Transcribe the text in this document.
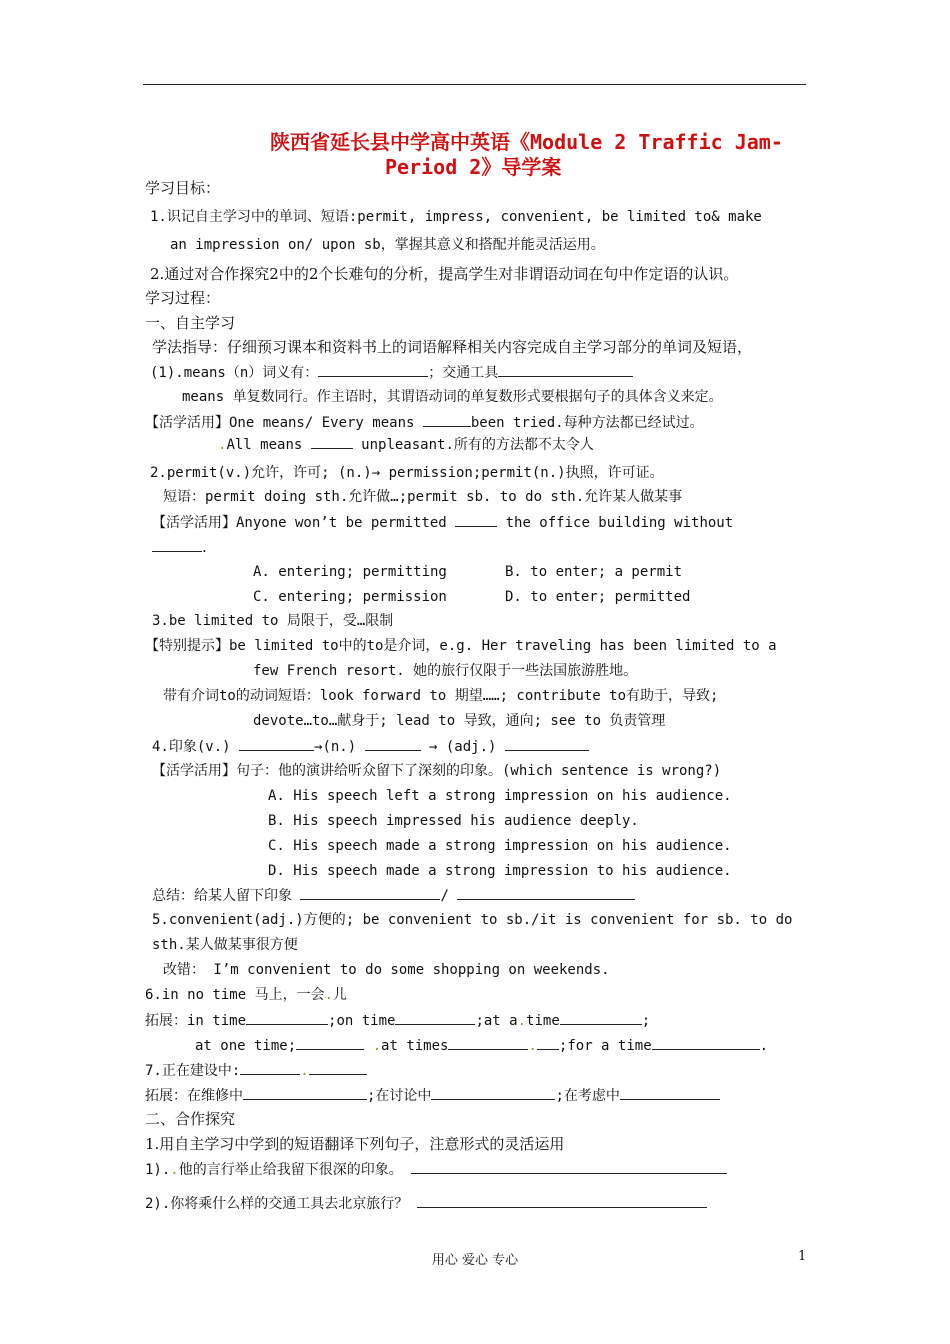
陕西省延长县中学高中英语《Module 2 Traffic Jam-
Period 2》导学案
学习目标：
1.识记自主学习中的单词、短语:permit, impress, convenient, be limited to& make
an impression on/ upon sb，掌握其意义和搭配并能灵活运用。
2.通过对合作探究2中的2个长难句的分析，提高学生对非谓语动词在句中作定语的认识。
学习过程：
一、自主学习
学法指导：仔细预习课本和资料书上的词语解释相关内容完成自主学习部分的单词及短语，
(1).means（n）词义有：	；交通工具
means 单复数同行。作主语时，其谓语动词的单复数形式要根据句子的具体含义来定。
【活学活用】One means/ Every means	been tried.每种方法都已经试过。
.All means	unpleasant.所有的方法都不太令人
2.permit(v.)允许，许可; (n.)→ permission;permit(n.)执照，许可证。
短语：permit doing sth.允许做…;permit sb. to do sth.允许某人做某事
【活学活用】Anyone won’t be permitted	the office building without
.
A. entering; permitting	B. to enter; a permit
C. entering; permission	D. to enter; permitted
3.be limited to 局限于，受…限制
【特别提示】be limited to中的to是介词，e.g. Her traveling has been limited to a
few French resort. 她的旅行仅限于一些法国旅游胜地。
带有介词to的动词短语：look forward to 期望……; contribute to有助于，导致;
devote…to…献身于; lead to 导致，通向; see to 负责管理
4.印象(v.)	→(n.)	→ (adj.)
【活学活用】句子：他的演讲给听众留下了深刻的印象。(which sentence is wrong?)
A. His speech left a strong impression on his audience.
B. His speech impressed his audience deeply.
C. His speech made a strong impression on his audience.
D. His speech made a strong impression to his audience.
总结：给某人留下印象	/
5.convenient(adj.)方便的; be convenient to sb./it is convenient for sb. to do
sth.某人做某事很方便
改错： I’m convenient to do some shopping on weekends.
6.in no time 马上，一会.儿
拓展：in time	;on time	;at a.time	;
at one time;	.at times	. ;for a time	.
7.正在建设中:	.
拓展：在维修中	;在讨论中	;在考虑中
二、合作探究
1.用自主学习中学到的短语翻译下列句子，注意形式的灵活运用
1)..他的言行举止给我留下很深的印象。
2).你将乘什么样的交通工具去北京旅行？
用心 爱心 专心	1
